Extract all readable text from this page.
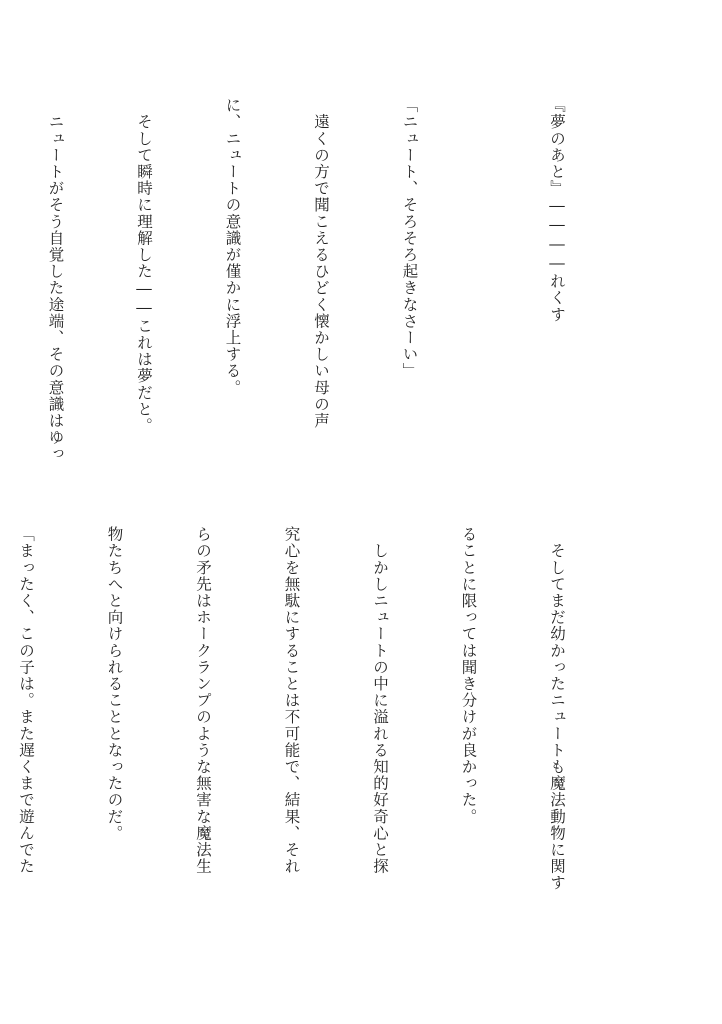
『夢のあと』――――れくす

「ニュート、そろそろ起きなさーい」

　遠くの方で聞こえるひどく懐かしい母の声

に、ニュートの意識が僅かに浮上する。

　そして瞬時に理解した――これは夢だと。

　ニュートがそう自覚した途端、その意識はゆっ

　そしてまだ幼かったニュートも魔法動物に関す

ることに限っては聞き分けが良かった。

　しかしニュートの中に溢れる知的好奇心と探

究心を無駄にすることは不可能で、結果、それ

らの矛先はホークランプのような無害な魔法生

物たちへと向けられることとなったのだ。

「まったく、この子は。また遅くまで遊んでた
